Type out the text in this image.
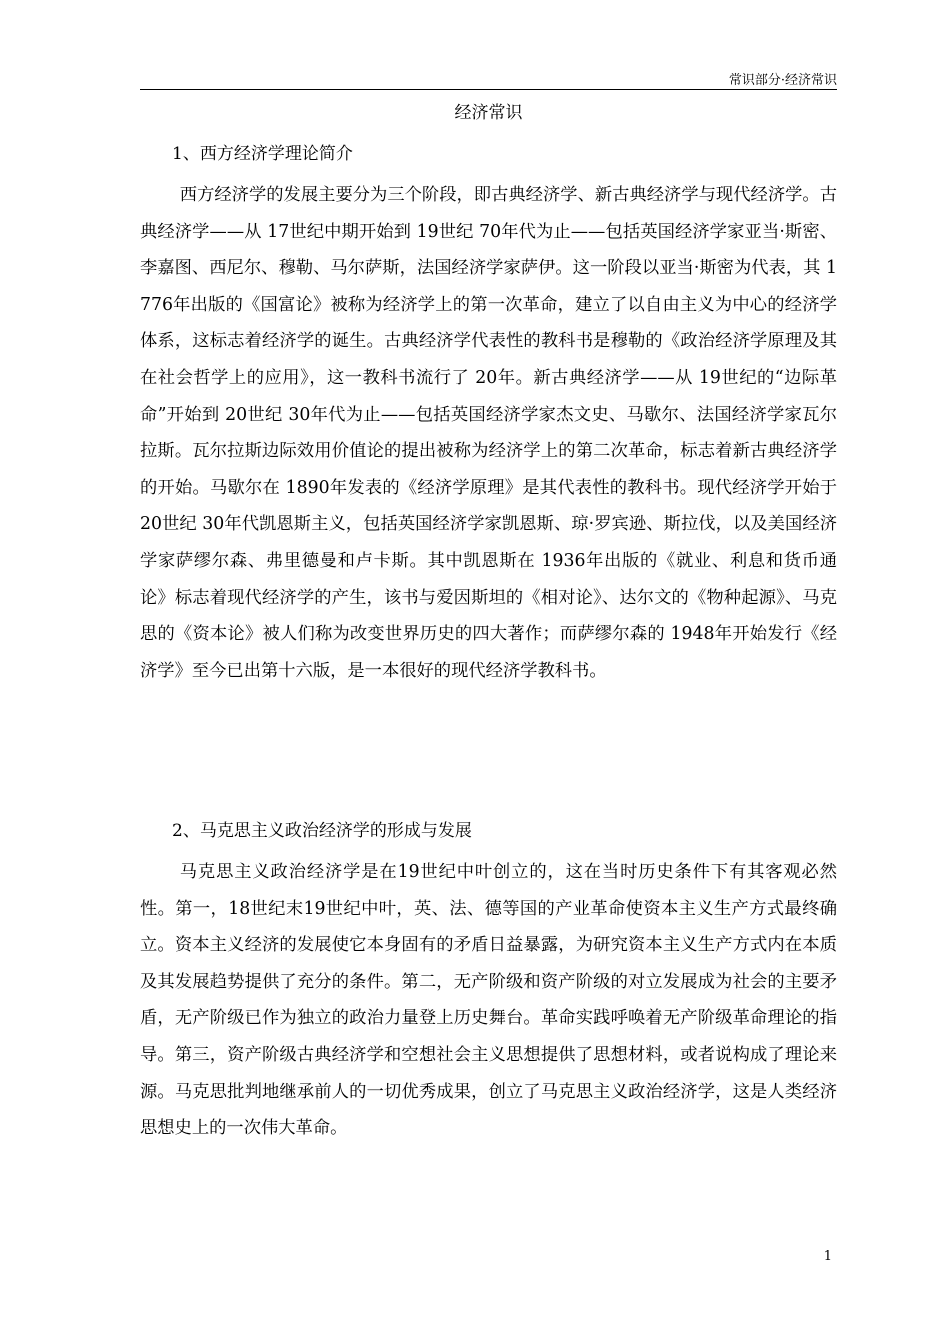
常识部分·经济常识
经济常识
1、西方经济学理论简介

西方经济学的发展主要分为三个阶段，即古典经济学、新古典经济学与现代经济学。古典经济学——从 17世纪中期开始到 19世纪 70年代为止——包括英国经济学家亚当·斯密、李嘉图、西尼尔、穆勒、马尔萨斯，法国经济学家萨伊。这一阶段以亚当·斯密为代表，其 1776年出版的《国富论》被称为经济学上的第一次革命，建立了以自由主义为中心的经济学体系，这标志着经济学的诞生。古典经济学代表性的教科书是穆勒的《政治经济学原理及其在社会哲学上的应用》，这一教科书流行了 20年。新古典经济学——从 19世纪的“边际革命”开始到 20世纪 30年代为止——包括英国经济学家杰文史、马歇尔、法国经济学家瓦尔拉斯。瓦尔拉斯边际效用价值论的提出被称为经济学上的第二次革命，标志着新古典经济学的开始。马歇尔在 1890年发表的《经济学原理》是其代表性的教科书。现代经济学开始于 20世纪 30年代凯恩斯主义，包括英国经济学家凯恩斯、琼·罗宾逊、斯拉伐，以及美国经济学家萨缪尔森、弗里德曼和卢卡斯。其中凯恩斯在 1936年出版的《就业、利息和货币通论》标志着现代经济学的产生，该书与爱因斯坦的《相对论》、达尔文的《物种起源》、马克思的《资本论》被人们称为改变世界历史的四大著作；而萨缪尔森的 1948年开始发行《经济学》至今已出第十六版，是一本很好的现代经济学教科书。

2、马克思主义政治经济学的形成与发展

马克思主义政治经济学是在19世纪中叶创立的，这在当时历史条件下有其客观必然性。第一，18世纪末19世纪中叶，英、法、德等国的产业革命使资本主义生产方式最终确立。资本主义经济的发展使它本身固有的矛盾日益暴露，为研究资本主义生产方式内在本质及其发展趋势提供了充分的条件。第二，无产阶级和资产阶级的对立发展成为社会的主要矛盾，无产阶级已作为独立的政治力量登上历史舞台。革命实践呼唤着无产阶级革命理论的指导。第三，资产阶级古典经济学和空想社会主义思想提供了思想材料，或者说构成了理论来源。马克思批判地继承前人的一切优秀成果，创立了马克思主义政治经济学，这是人类经济思想史上的一次伟大革命。

1
